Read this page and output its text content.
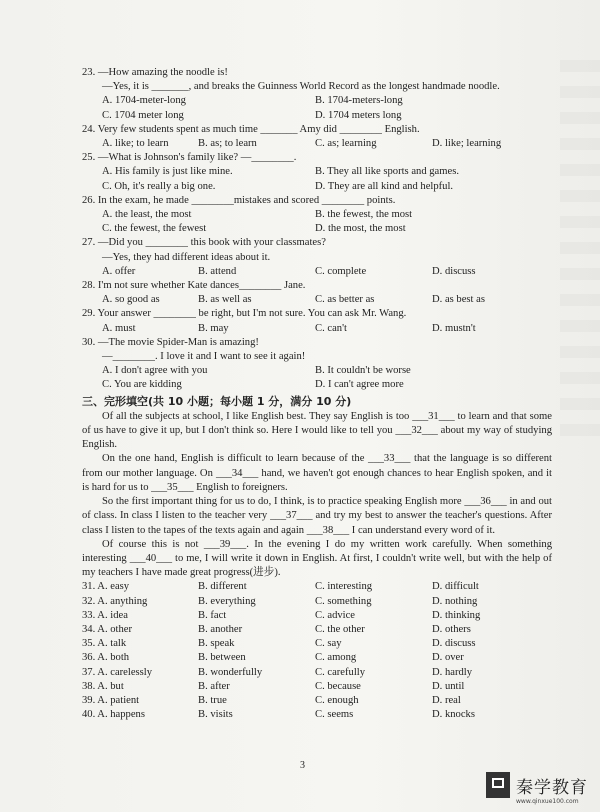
23. —How amazing the noodle is!
—Yes, it is _______, and breaks the Guinness World Record as the longest handmade noodle.
A. 1704-meter-long	B. 1704-meters-long
C. 1704 meter long	D. 1704 meters long
24. Very few students spent as much time _______ Amy did ________ English.
A. like; to learn	B. as; to learn	C. as; learning	D. like; learning
25. —What is Johnson's family like? —________.
A. His family is just like mine.	B. They all like sports and games.
C. Oh, it's really a big one.	D. They are all kind and helpful.
26. In the exam, he made ________mistakes and scored ________ points.
A. the least, the most	B. the fewest, the most
C. the fewest, the fewest	D. the most, the most
27. —Did you ________ this book with your classmates?
—Yes, they had different ideas about it.
A. offer	B. attend	C. complete	D. discuss
28. I'm not sure whether Kate dances________ Jane.
A. so good as	B. as well as	C. as better as	D. as best as
29. Your answer ________ be right, but I'm not sure. You can ask Mr. Wang.
A. must	B. may	C. can't	D. mustn't
30. —The movie Spider-Man is amazing!
—________. I love it and I want to see it again!
A. I don't agree with you	B. It couldn't be worse
C. You are kidding	D. I can't agree more
三、完形填空(共 10 小题；每小题 1 分，满分 10 分)
Of all the subjects at school, I like English best. They say English is too ___31___ to learn and that some of us have to give it up, but I don't think so. Here I would like to tell you ___32___ about my way of studying English.
On the one hand, English is difficult to learn because of the ___33___ that the language is so different from our mother language. On ___34___ hand, we haven't got enough chances to hear English spoken, and it is hard for us to ___35___ English to foreigners.
So the first important thing for us to do, I think, is to practice speaking English more ___36___ in and out of class. In class I listen to the teacher very ___37___ and try my best to answer the teacher's questions. After class I listen to the tapes of the texts again and again ___38___ I can understand every word of it.
Of course this is not ___39___. In the evening I do my written work carefully. When something interesting ___40___ to me, I will write it down in English. At first, I couldn't write well, but with the help of my teachers I have made great progress(进步).
31. A. easy	B. different	C. interesting	D. difficult
32. A. anything	B. everything	C. something	D. nothing
33. A. idea	B. fact	C. advice	D. thinking
34. A. other	B. another	C. the other	D. others
35. A. talk	B. speak	C. say	D. discuss
36. A. both	B. between	C. among	D. over
37. A. carelessly	B. wonderfully	C. carefully	D. hardly
38. A. but	B. after	C. because	D. until
39. A. patient	B. true	C. enough	D. real
40. A. happens	B. visits	C. seems	D. knocks
3
秦学教育
www.qinxue100.com
